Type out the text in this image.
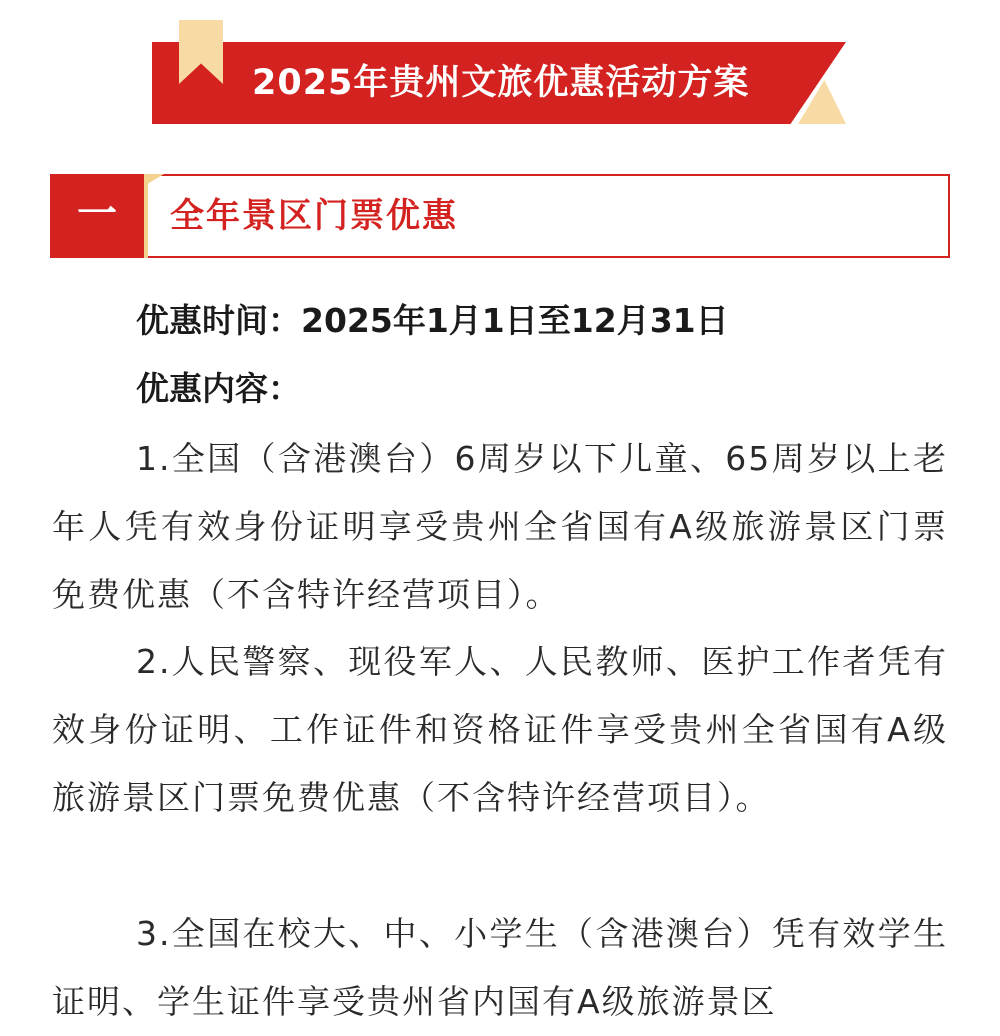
2025年贵州文旅优惠活动方案
一	全年景区门票优惠
优惠时间：2025年1月1日至12月31日
优惠内容：

1.全国（含港澳台）6周岁以下儿童、65周岁以上老年人凭有效身份证明享受贵州全省国有A级旅游景区门票免费优惠（不含特许经营项目）。

2.人民警察、现役军人、人民教师、医护工作者凭有效身份证明、工作证件和资格证件享受贵州全省国有A级旅游景区门票免费优惠（不含特许经营项目）。

3.全国在校大、中、小学生（含港澳台）凭有效学生证明、学生证件享受贵州省内国有A级旅游景区
